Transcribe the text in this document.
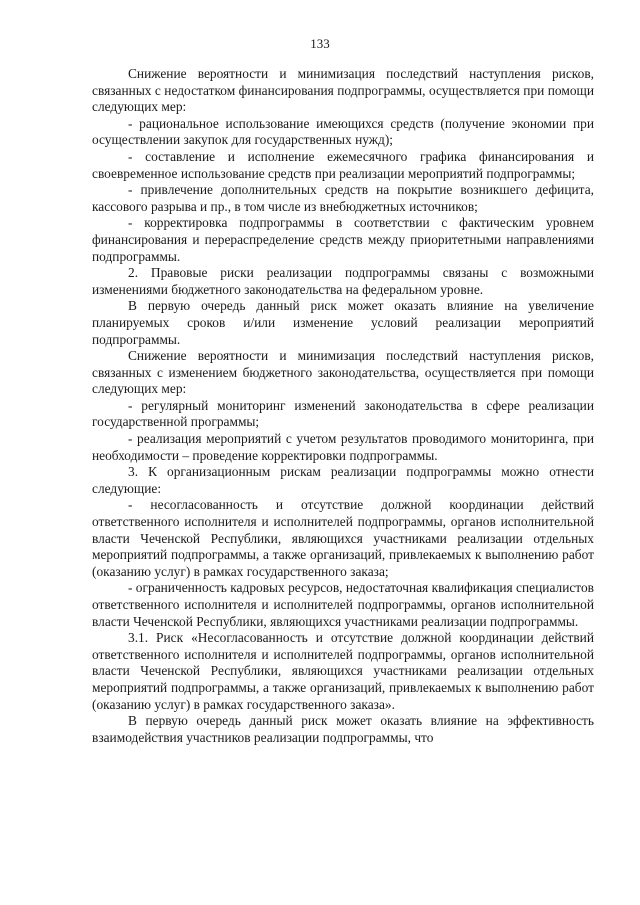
133

Снижение вероятности и минимизация последствий наступления рисков, связанных с недостатком финансирования подпрограммы, осуществляется при помощи следующих мер:

- рациональное использование имеющихся средств (получение экономии при осуществлении закупок для государственных нужд);

- составление и исполнение ежемесячного графика финансирования и своевременное использование средств при реализации мероприятий подпрограммы;

- привлечение дополнительных средств на покрытие возникшего дефицита, кассового разрыва и пр., в том числе из внебюджетных источников;

- корректировка подпрограммы в соответствии с фактическим уровнем финансирования и перераспределение средств между приоритетными направлениями подпрограммы.

2. Правовые риски реализации подпрограммы связаны с возможными изменениями бюджетного законодательства на федеральном уровне.

В первую очередь данный риск может оказать влияние на увеличение планируемых сроков и/или изменение условий реализации мероприятий подпрограммы.

Снижение вероятности и минимизация последствий наступления рисков, связанных с изменением бюджетного законодательства, осуществляется при помощи следующих мер:

- регулярный мониторинг изменений законодательства в сфере реализации государственной программы;

- реализация мероприятий с учетом результатов проводимого мониторинга, при необходимости – проведение корректировки подпрограммы.

3. К организационным рискам реализации подпрограммы можно отнести следующие:

- несогласованность и отсутствие должной координации действий ответственного исполнителя и исполнителей подпрограммы, органов исполнительной власти Чеченской Республики, являющихся участниками реализации отдельных мероприятий подпрограммы, а также организаций, привлекаемых к выполнению работ (оказанию услуг) в рамках государственного заказа;

- ограниченность кадровых ресурсов, недостаточная квалификация специалистов ответственного исполнителя и исполнителей подпрограммы, органов исполнительной власти Чеченской Республики, являющихся участниками реализации подпрограммы.

3.1. Риск «Несогласованность и отсутствие должной координации действий ответственного исполнителя и исполнителей подпрограммы, органов исполнительной власти Чеченской Республики, являющихся участниками реализации отдельных мероприятий подпрограммы, а также организаций, привлекаемых к выполнению работ (оказанию услуг) в рамках государственного заказа».

В первую очередь данный риск может оказать влияние на эффективность взаимодействия участников реализации подпрограммы, что
